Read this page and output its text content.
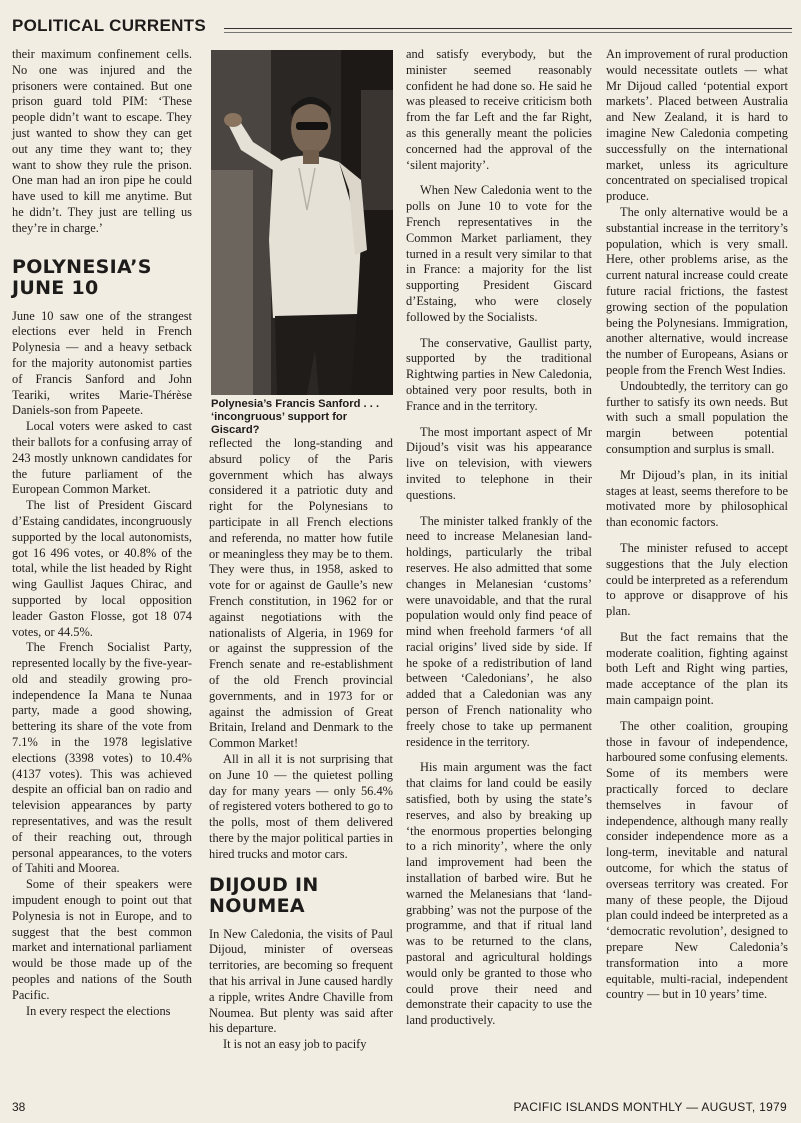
POLITICAL CURRENTS

their maximum confinement cells. No one was injured and the prisoners were contained. But one prison guard told PIM: ‘These people didn’t want to escape. They just wanted to show they can get out any time they want to; they want to show they rule the prison. One man had an iron pipe he could have used to kill me anytime. But he didn’t. They just are telling us they’re in charge.’

POLYNESIA’S JUNE 10

June 10 saw one of the strangest elections ever held in French Polynesia — and a heavy setback for the majority autonomist parties of Francis Sanford and John Teariki, writes Marie-Thérèse Daniels-son from Papeete.

Local voters were asked to cast their ballots for a confusing array of 243 mostly unknown candidates for the future parliament of the European Common Market.

The list of President Giscard d’Estaing candidates, incongruously supported by the local autonomists, got 16 496 votes, or 40.8% of the total, while the list headed by Right wing Gaullist Jaques Chirac, and supported by local opposition leader Gaston Flosse, got 18 074 votes, or 44.5%.

The French Socialist Party, represented locally by the five-year-old and steadily growing pro-independence Ia Mana te Nunaa party, made a good showing, bettering its share of the vote from 7.1% in the 1978 legislative elections (3398 votes) to 10.4% (4137 votes). This was achieved despite an official ban on radio and television appearances by party representatives, and was the result of their reaching out, through personal appearances, to the voters of Tahiti and Moorea.

Some of their speakers were impudent enough to point out that Polynesia is not in Europe, and to suggest that the best common market and international parliament would be those made up of the peoples and nations of the South Pacific.

In every respect the elections

Polynesia’s Francis Sanford . . . ‘incongruous’ support for Giscard?

reflected the long-standing and absurd policy of the Paris government which has always considered it a patriotic duty and right for the Polynesians to participate in all French elections and referenda, no matter how futile or meaningless they may be to them. They were thus, in 1958, asked to vote for or against de Gaulle’s new French constitution, in 1962 for or against negotiations with the nationalists of Algeria, in 1969 for or against the suppression of the French senate and re-establishment of the old French provincial governments, and in 1973 for or against the admission of Great Britain, Ireland and Denmark to the Common Market!

All in all it is not surprising that on June 10 — the quietest polling day for many years — only 56.4% of registered voters bothered to go to the polls, most of them delivered there by the major political parties in hired trucks and motor cars.

DIJOUD IN NOUMEA

In New Caledonia, the visits of Paul Dijoud, minister of overseas territories, are becoming so frequent that his arrival in June caused hardly a ripple, writes Andre Chaville from Noumea. But plenty was said after his departure.

It is not an easy job to pacify

and satisfy everybody, but the minister seemed reasonably confident he had done so. He said he was pleased to receive criticism both from the far Left and the far Right, as this generally meant the policies concerned had the approval of the ‘silent majority’.

When New Caledonia went to the polls on June 10 to vote for the French representatives in the Common Market parliament, they turned in a result very similar to that in France: a majority for the list supporting President Giscard d’Estaing, who were closely followed by the Socialists.

The conservative, Gaullist party, supported by the traditional Rightwing parties in New Caledonia, obtained very poor results, both in France and in the territory.

The most important aspect of Mr Dijoud’s visit was his appearance live on television, with viewers invited to telephone in their questions.

The minister talked frankly of the need to increase Melanesian land-holdings, particularly the tribal reserves. He also admitted that some changes in Melanesian ‘customs’ were unavoidable, and that the rural population would only find peace of mind when freehold farmers ‘of all racial origins’ lived side by side. If he spoke of a redistribution of land between ‘Caledonians’, he also added that a Caledonian was any person of French nationality who freely chose to take up permanent residence in the territory.

His main argument was the fact that claims for land could be easily satisfied, both by using the state’s reserves, and also by breaking up ‘the enormous properties belonging to a rich minority’, where the only land improvement had been the installation of barbed wire. But he warned the Melanesians that ‘land-grabbing’ was not the purpose of the programme, and that if ritual land was to be returned to the clans, pastoral and agricultural holdings would only be granted to those who could prove their need and demonstrate their capacity to use the land productively.

An improvement of rural production would necessitate outlets — what Mr Dijoud called ‘potential export markets’. Placed between Australia and New Zealand, it is hard to imagine New Caledonia competing successfully on the international market, unless its agriculture concentrated on specialised tropical produce.

The only alternative would be a substantial increase in the territory’s population, which is very small. Here, other problems arise, as the current natural increase could create future racial frictions, the fastest growing section of the population being the Polynesians. Immigration, another alternative, would increase the number of Europeans, Asians or people from the French West Indies.

Undoubtedly, the territory can go further to satisfy its own needs. But with such a small population the margin between potential consumption and surplus is small.

Mr Dijoud’s plan, in its initial stages at least, seems therefore to be motivated more by philosophical than economic factors.

The minister refused to accept suggestions that the July election could be interpreted as a referendum to approve or disapprove of his plan.

But the fact remains that the moderate coalition, fighting against both Left and Right wing parties, made acceptance of the plan its main campaign point.

The other coalition, grouping those in favour of independence, harboured some confusing elements. Some of its members were practically forced to declare themselves in favour of independence, although many really consider independence more as a long-term, inevitable and natural outcome, for which the status of overseas territory was created. For many of these people, the Dijoud plan could indeed be interpreted as a ‘democratic revolution’, designed to prepare New Caledonia’s transformation into a more equitable, multi-racial, independent country — but in 10 years’ time.

38	PACIFIC ISLANDS MONTHLY — AUGUST, 1979
